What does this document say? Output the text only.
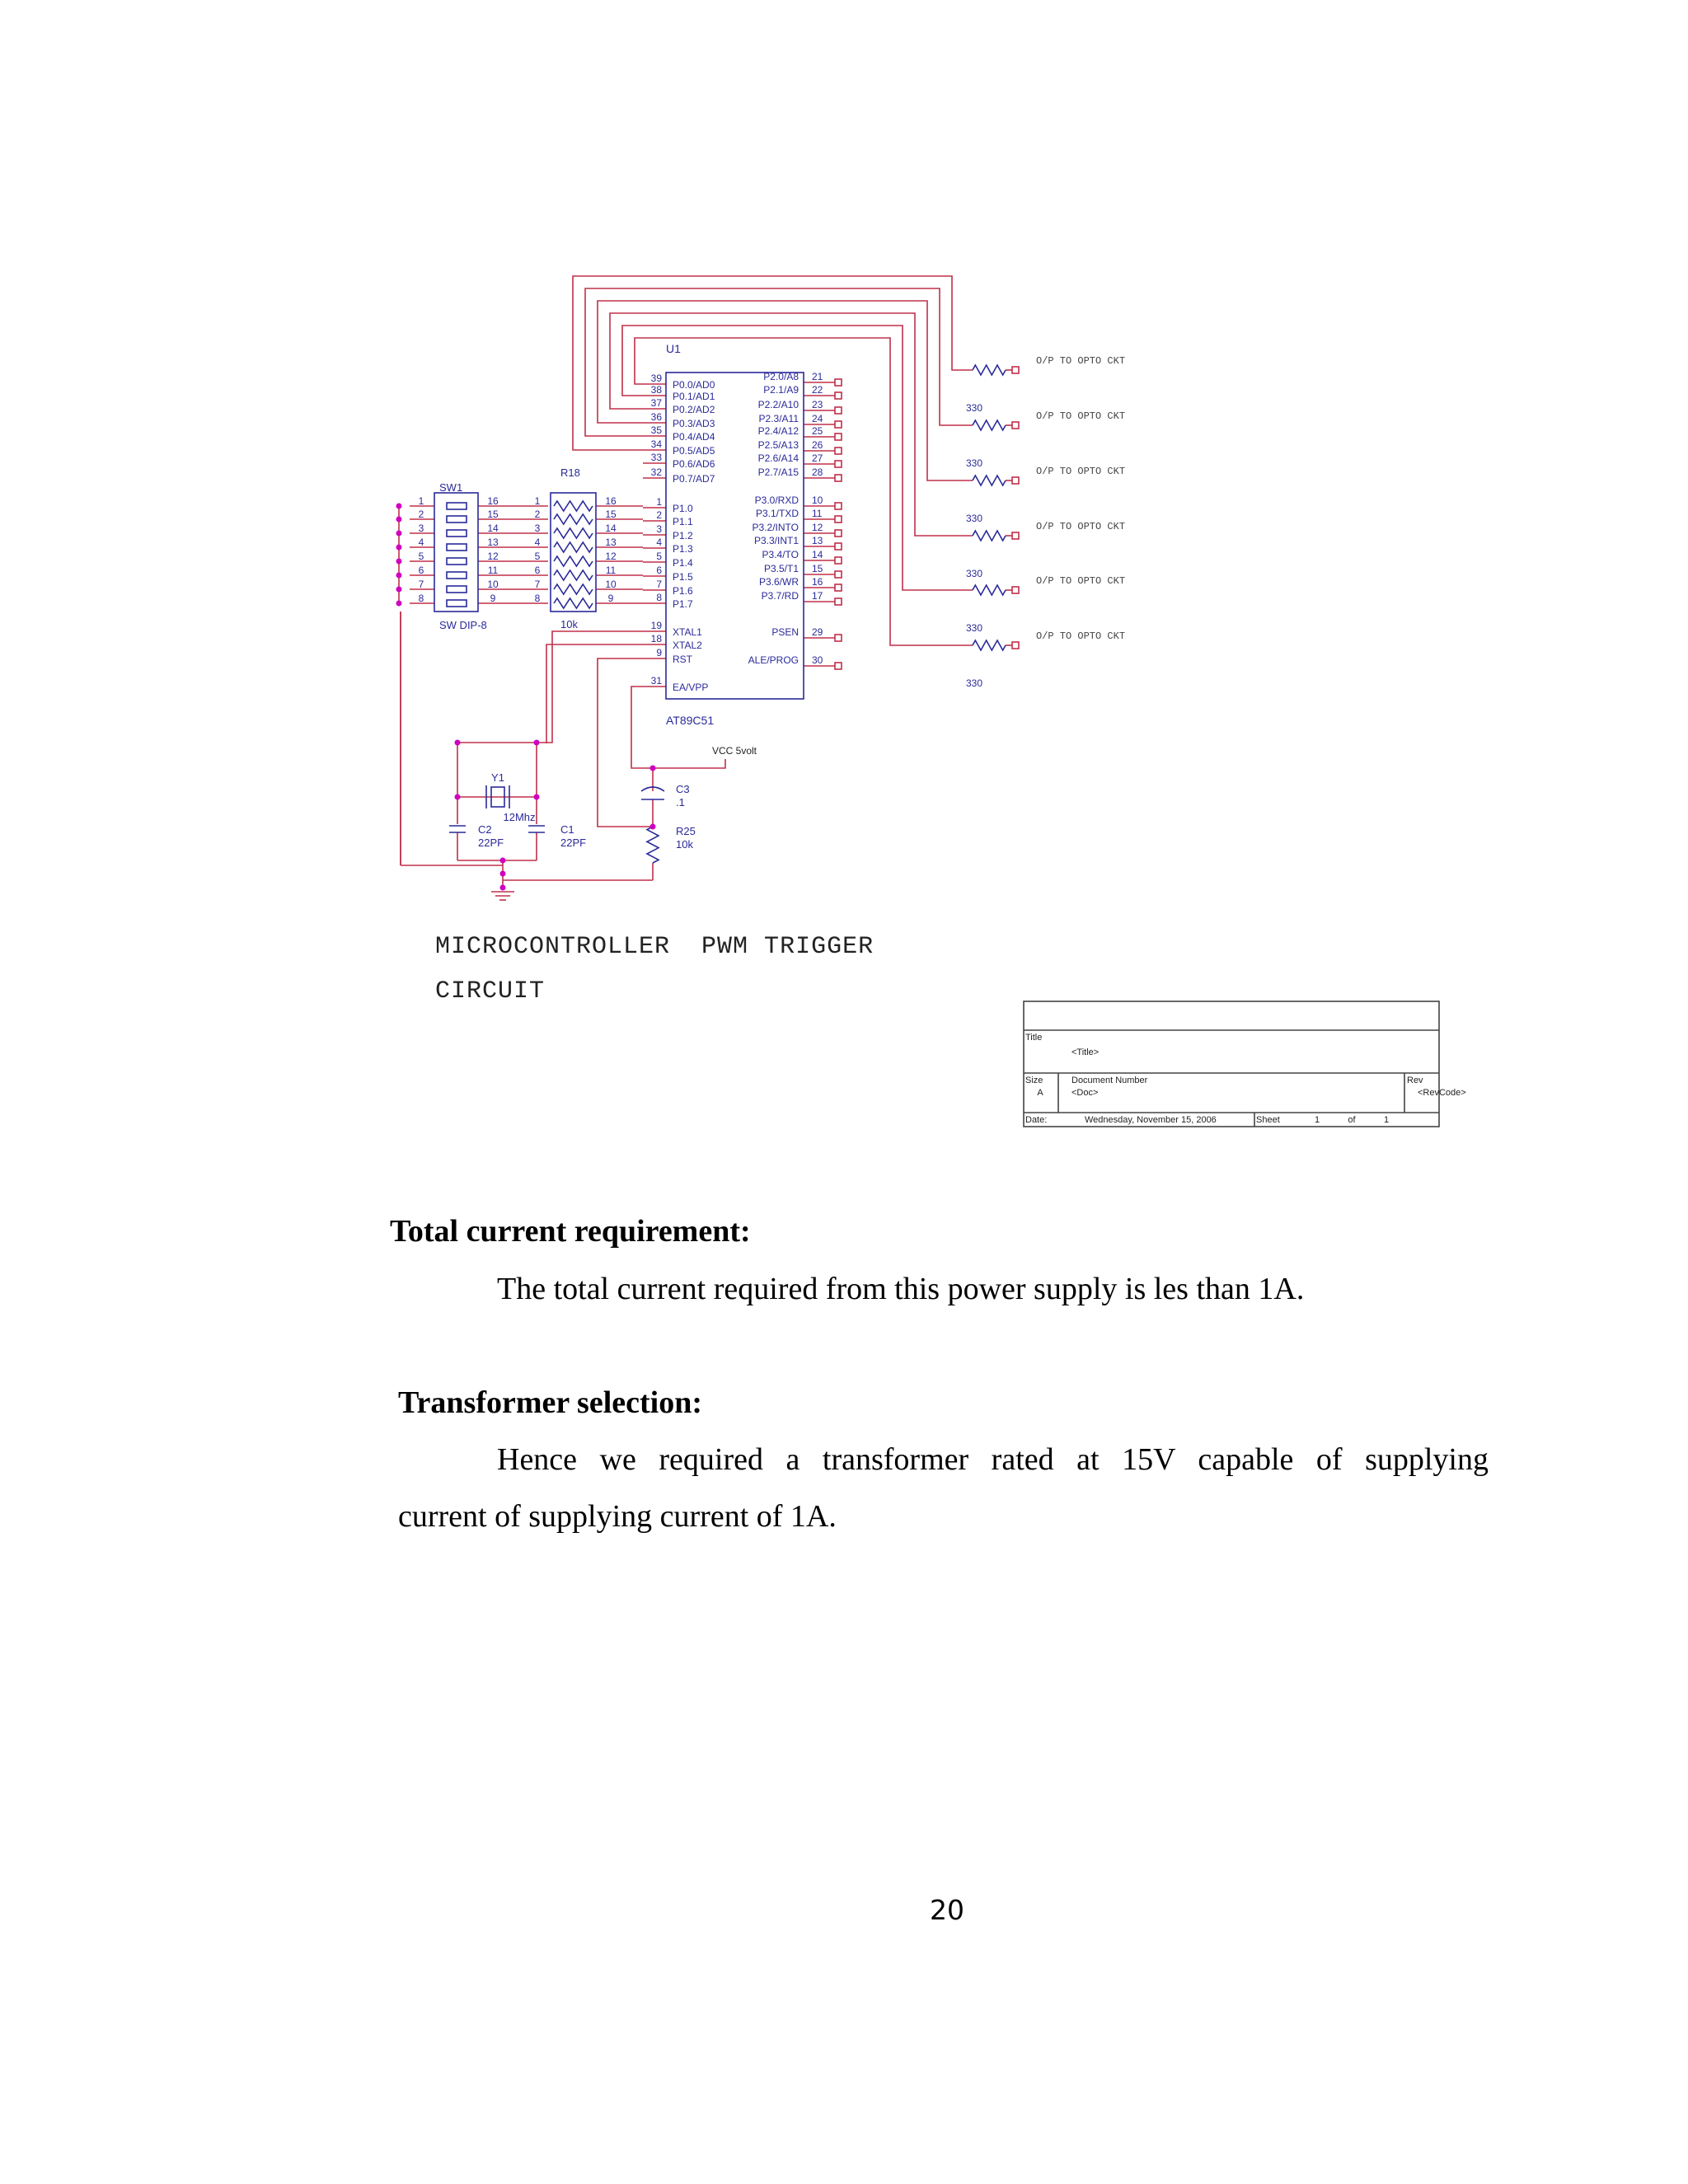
U1
AT89C51
39
P0.0/AD0
38
P0.1/AD1
37
P0.2/AD2
36
P0.3/AD3
35
P0.4/AD4
34
P0.5/AD5
33
P0.6/AD6
32
P0.7/AD7
1
P1.0
2
P1.1
3
P1.2
4
P1.3
5
P1.4
6
P1.5
7
P1.6
8
P1.7
19
XTAL1
18
XTAL2
9
RST
31
EA/VPP
21
P2.0/A8
22
P2.1/A9
23
P2.2/A10
24
P2.3/A11
25
P2.4/A12
26
P2.5/A13
27
P2.6/A14
28
P2.7/A15
10
P3.0/RXD
11
P3.1/TXD
12
P3.2/INTO
13
P3.3/INT1
14
P3.4/TO
15
P3.5/T1
16
P3.6/WR
17
P3.7/RD
29
PSEN
30
ALE/PROG
O/P TO OPTO CKT
330
O/P TO OPTO CKT
330
O/P TO OPTO CKT
330
O/P TO OPTO CKT
330
O/P TO OPTO CKT
330
O/P TO OPTO CKT
330
SW1
SW DIP-8
1	16
2	15
3	14
4	13
5	12
6	11
7	10
8	9
R18
10k
1	16
2	15
3	14
4	13
5	12
6	11
7	10
8	9
Y1
12Mhz
C2
22PF
C1
22PF
C3
.1
R25
10k
VCC 5volt
Title
<Title>
Size
A
Document Number
<Doc>
Rev
<RevCode>
Date:	Wednesday, November 15, 2006	Sheet	1	of	1
MICROCONTROLLER  PWM TRIGGER
CIRCUIT
Total current requirement:
The total current required from this power supply is les than 1A.
Transformer selection:
Hence we required a transformer rated at 15V capable of supplying
current of supplying current of 1A.
20
